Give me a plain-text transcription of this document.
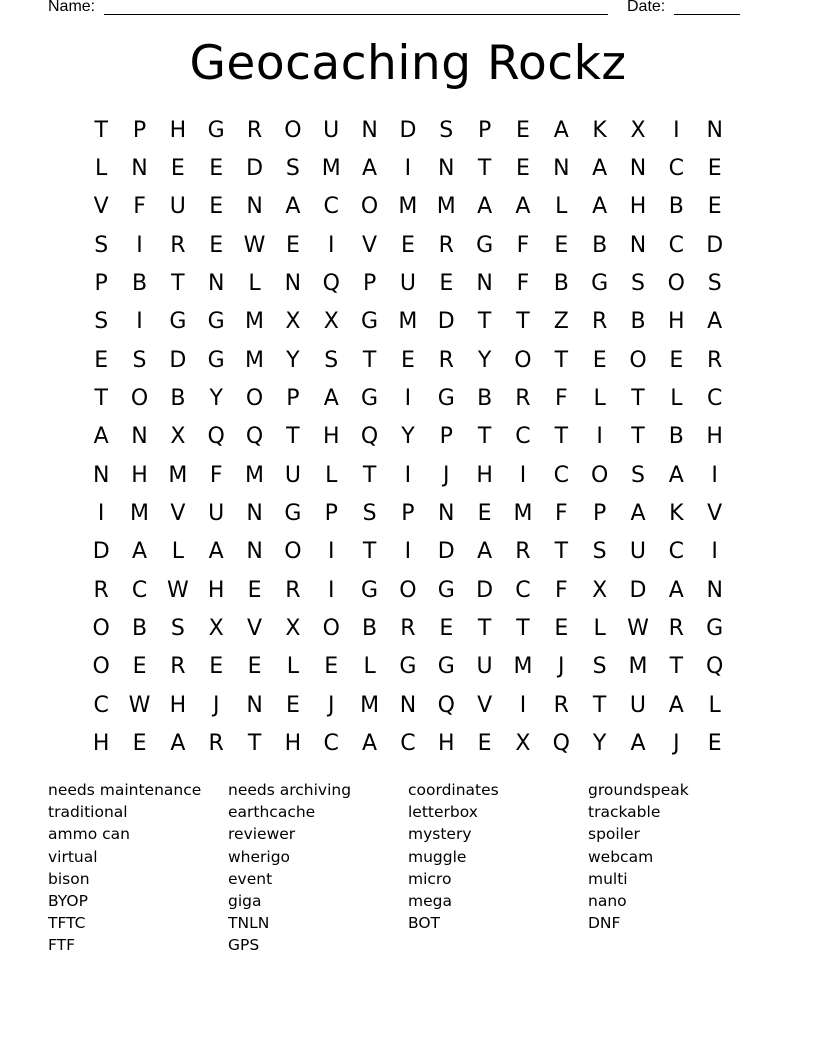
Name:	Date:
Geocaching Rockz
T	P	H G	R	O U	N D	S	P	E	A	K	X	I	N
L	N	E	E	D	S M A	I	N	T	E	N	A	N	C	E
V	F	U	E	N	A	C O M M A	A	L	A	H	B	E
S	I	R	E W E	I	V	E	R	G	F	E	B	N	C	D
P	B	T	N	L	N Q	P	U	E	N	F	B	G	S	O	S
S	I	G G M X	X	G M D	T	T	Z	R	B	H	A
E	S	D G M	Y	S	T	E	R	Y	O	T	E	O	E	R
T	O	B	Y	O	P	A	G	I	G	B	R	F	L	T	L	C
A	N	X	Q Q	T	H Q	Y	P	T	C	T	I	T	B	H
N H M	F	M U	L	T	I	J	H	I	C O	S	A	I
I	M V	U	N G	P	S	P	N	E M	F	P	A	K	V
D	A	L	A	N O	I	T	I	D	A	R	T	S	U	C	I
R	C W H	E	R	I	G O G D	C	F	X	D	A	N
O	B	S	X	V	X	O	B	R	E	T	T	E	L W R	G
O	E	R	E	E	L	E	L	G G U M	J	S M	T	Q
C W H	J	N	E	J	M N Q	V	I	R	T	U	A	L
H	E	A	R	T	H	C	A	C	H	E	X	Q	Y	A	J	E
needs maintenance
traditional
ammo can
virtual
bison
BYOP
TFTC
FTF
needs archiving
earthcache
reviewer
wherigo
event
giga
TNLN
GPS
coordinates
letterbox
mystery
muggle
micro
mega
BOT
groundspeak
trackable
spoiler
webcam
multi
nano
DNF
